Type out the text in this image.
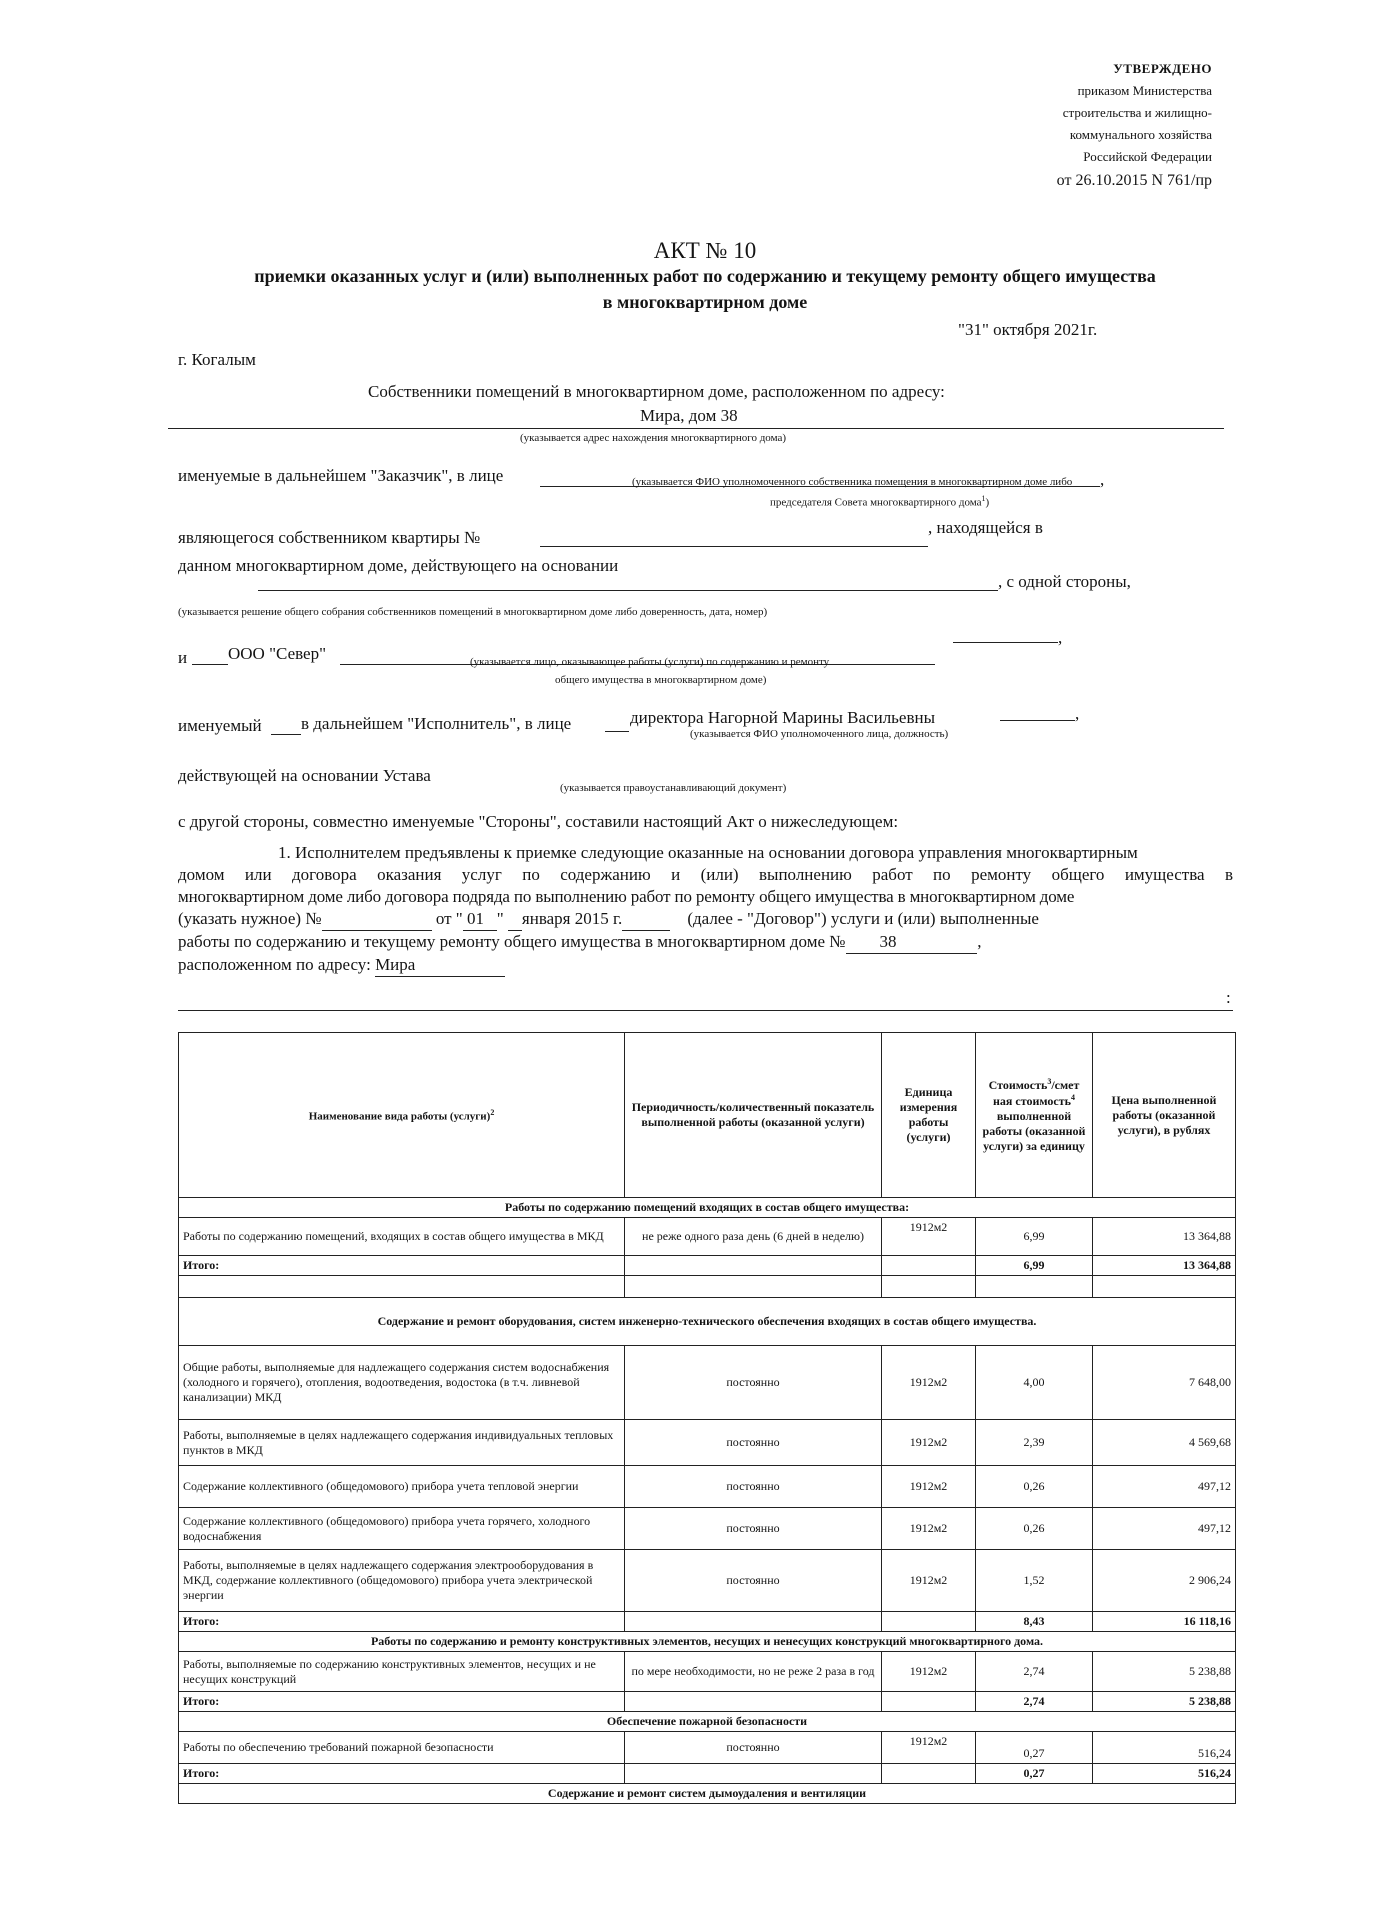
УТВЕРЖДЕНО
приказом Министерства
строительства и жилищно-
коммунального хозяйства
Российской Федерации
от 26.10.2015 N 761/пр
АКТ № 10
приемки оказанных услуг и (или) выполненных работ по содержанию и текущему ремонту общего имущества
в многоквартирном доме
"31" октября 2021г.
г. Когалым
Собственники помещений в многоквартирном доме, расположенном по адресу:
Мира, дом 38
(указывается адрес нахождения многоквартирного дома)
именуемые в дальнейшем "Заказчик", в лице	,
(указывается ФИО уполномоченного собственника помещения в многоквартирном доме либо
председателя Совета многоквартирного дома$^1$)
являющегося собственником квартиры №
, находящейся в
данном многоквартирном доме, действующего на основании
, с одной стороны,
(указывается решение общего собрания собственников помещений в многоквартирном доме либо доверенность, дата, номер)
и ООО "Север"
,
(указывается лицо, оказывающее работы (услуги) по содержанию и ремонту
общего имущества в многоквартирном доме)
именуемый в дальнейшем "Исполнитель", в лице	директора Нагорной Марины Васильевны	,
(указывается ФИО уполномоченного лица, должность)
действующей на основании Устава
(указывается правоустанавливающий документ)
с другой стороны, совместно именуемые "Стороны", составили настоящий Акт о нижеследующем:
1. Исполнителем предъявлены к приемке следующие оказанные на основании договора управления многоквартирным
домом или договора оказания услуг по содержанию и (или) выполнению работ по ремонту общего имущества в
многоквартирном доме либо договора подряда по выполнению работ по ремонту общего имущества в многоквартирном доме
(указать нужное) №	от " 01 " января 2015 г.	(далее - "Договор") услуги и (или) выполненные
работы по содержанию и текущему ремонту общего имущества в многоквартирном доме № 38	,
расположенном по адресу: Мира
:
Наименование вида работы (услуги)$^2$	Периодичность/количественный показатель выполненной работы (оказанной услуги)	Единица измерения работы (услуги)	Стоимость$^3$/смет ная стоимость$^4$ выполненной работы (оказанной услуги) за единицу	Цена выполненной работы (оказанной услуги), в рублях
Работы по содержанию помещений входящих в состав общего имущества:				
Работы по содержанию помещений, входящих в состав общего имущества в МКД	не реже одного раза день (6 дней в неделю)	1912м2	6,99	13 364,88
Итого:			6,99	13 364,88

Содержание и ремонт оборудования, систем инженерно-технического обеспечения входящих в состав общего имущества.				
Общие работы, выполняемые для надлежащего содержания систем водоснабжения (холодного и горячего), отопления, водоотведения, водостока (в т.ч. ливневой канализации) МКД	постоянно	1912м2	4,00	7 648,00
Работы, выполняемые в целях надлежащего содержания индивидуальных тепловых пунктов в МКД	постоянно	1912м2	2,39	4 569,68
Содержание коллективного (общедомового) прибора учета тепловой энергии	постоянно	1912м2	0,26	497,12
Содержание коллективного (общедомового) прибора учета горячего, холодного водоснабжения	постоянно	1912м2	0,26	497,12
Работы, выполняемые в целях надлежащего содержания электрооборудования в МКД, содержание коллективного (общедомового) прибора учета электрической энергии	постоянно	1912м2	1,52	2 906,24
Итого:			8,43	16 118,16
Работы по содержанию и ремонту конструктивных элементов, несущих и ненесущих конструкций многоквартирного дома.				
Работы, выполняемые по содержанию конструктивных элементов, несущих и не несущих конструкций	по мере необходимости, но не реже 2 раза в год	1912м2	2,74	5 238,88
Итого:			2,74	5 238,88
Обеспечение пожарной безопасности				
Работы по обеспечению требований пожарной безопасности	постоянно	1912м2	0,27	516,24
Итого:			0,27	516,24
Содержание и ремонт систем дымоудаления и вентиляции				
